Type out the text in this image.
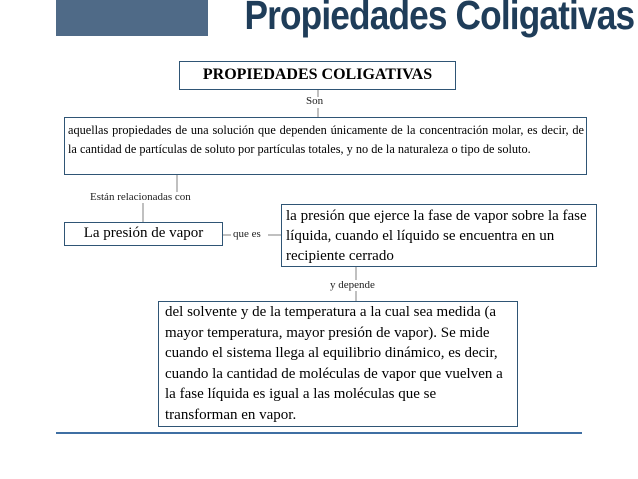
Propiedades Coligativas
PROPIEDADES COLIGATIVAS
Son
aquellas propiedades de una solución que dependen únicamente de la concentración molar, es decir, de la cantidad de partículas de soluto por partículas totales, y no de la naturaleza o tipo de soluto.
Están relacionadas con
La presión de vapor	que es
la presión que ejerce la fase de vapor sobre la fase líquida, cuando el líquido se encuentra en un recipiente cerrado
y depende
del solvente y de la temperatura a la cual sea medida (a mayor temperatura, mayor presión de vapor). Se mide cuando el sistema llega al equilibrio dinámico, es decir, cuando la cantidad de moléculas de vapor que vuelven a la fase líquida es igual a las moléculas que se transforman en vapor.
